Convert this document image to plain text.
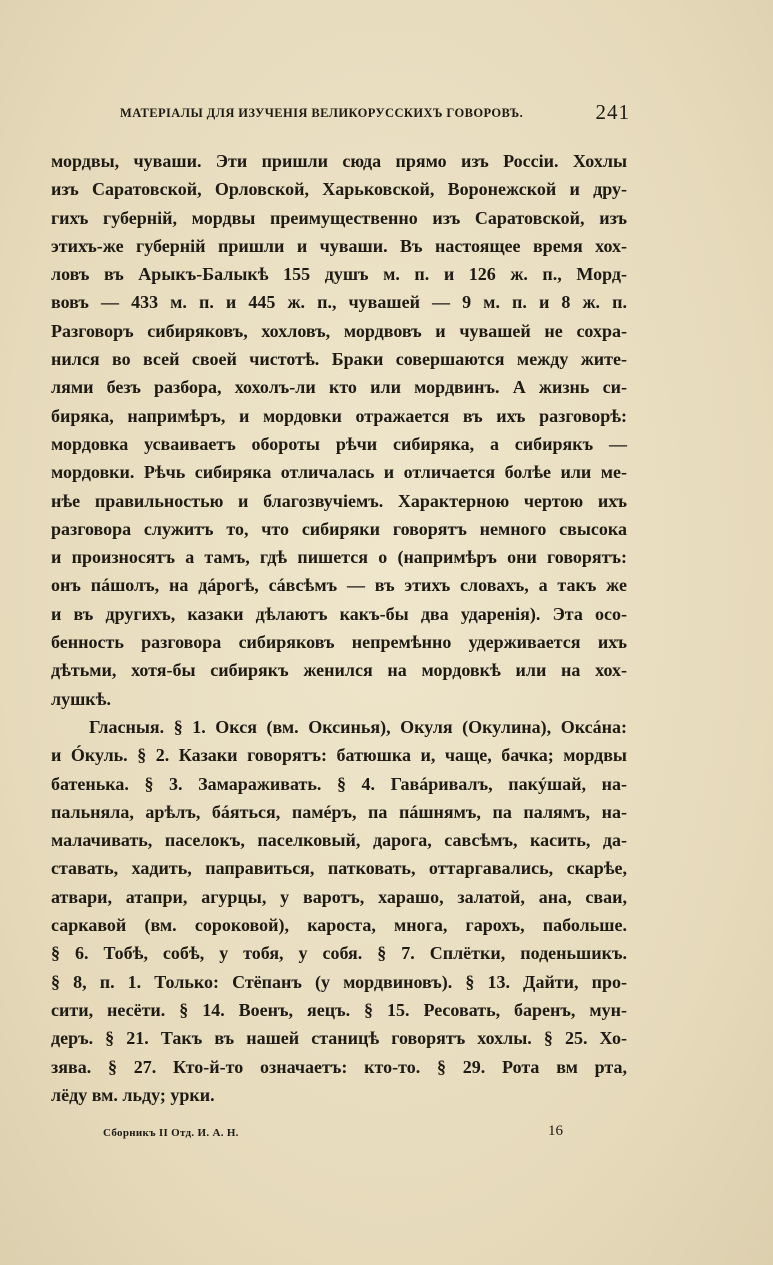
МАТЕРIАЛЫ ДЛЯ ИЗУЧЕНIЯ ВЕЛИКОРУССКИХЪ ГОВОРОВЪ.	241
мордвы, чуваши. Эти пришли сюда прямо изъ Россiи. Хохлы
изъ Саратовской, Орловской, Харьковской, Воронежской и дру-
гихъ губернiй, мордвы преимущественно изъ Саратовской, изъ
этихъ-же губернiй пришли и чуваши. Въ настоящее время хох-
ловъ въ Арыкъ-Балыкѣ 155 душъ м. п. и 126 ж. п., Морд-
вовъ — 433 м. п. и 445 ж. п., чувашей — 9 м. п. и 8 ж. п.
Разговоръ сибиряковъ, хохловъ, мордвовъ и чувашей не сохра-
нился во всей своей чистотѣ. Браки совершаются между жите-
лями безъ разбора, хохолъ-ли кто или мордвинъ. А жизнь си-
биряка, напримѣръ, и мордовки отражается въ ихъ разговорѣ:
мордовка усваиваетъ обороты рѣчи сибиряка, а сибирякъ —
мордовки. Рѣчь сибиряка отличалась и отличается болѣе или ме-
нѣе правильностью и благозвучiемъ. Характерною чертою ихъ
разговора служитъ то, что сибиряки говорятъ немного свысока
и произносятъ а тамъ, гдѣ пишется о (напримѣръ они говорятъ:
онъ пáшолъ, на дáрогѣ, сáвсѣмъ — въ этихъ словахъ, а такъ же
и въ другихъ, казаки дѣлаютъ какъ-бы два ударенiя). Эта осо-
бенность разговора сибиряковъ непремѣнно удерживается ихъ
дѣтьми, хотя-бы сибирякъ женился на мордовкѣ или на хох-
лушкѣ.
Гласныя. § 1. Окся (вм. Оксинья), Окуля (Окулина), Оксáна:
и Óкуль. § 2. Казаки говорятъ: батюшка и, чаще, бачка; мордвы
батенька. § 3. Замараживать. § 4. Гавáривалъ, пакýшай, на-
пальняла, арѣлъ, бáяться, памéръ, па пáшнямъ, па палямъ, на-
малачивать, паселокъ, паселковый, дарога, савсѣмъ, касить, да-
ставать, хадить, паправиться, патковать, оттаргавались, скарѣе,
атвари, атапри, агурцы, у варотъ, харашо, залатой, ана, сваи,
саркавой (вм. сороковой), кароста, многа, гарохъ, пабольше.
§ 6. Тобѣ, собѣ, у тобя, у собя. § 7. Сплётки, поденьшикъ.
§ 8, п. 1. Только: Стёпанъ (у мордвиновъ). § 13. Дайти, про-
сити, несёти. § 14. Военъ, яецъ. § 15. Ресовать, баренъ, мун-
деръ. § 21. Такъ въ нашей станицѣ говорятъ хохлы. § 25. Хо-
зява. § 27. Кто-й-то означаетъ: кто-то. § 29. Рота вм рта,
лёду вм. льду; урки.
Сборникъ II Отд. И. А. Н.	16
